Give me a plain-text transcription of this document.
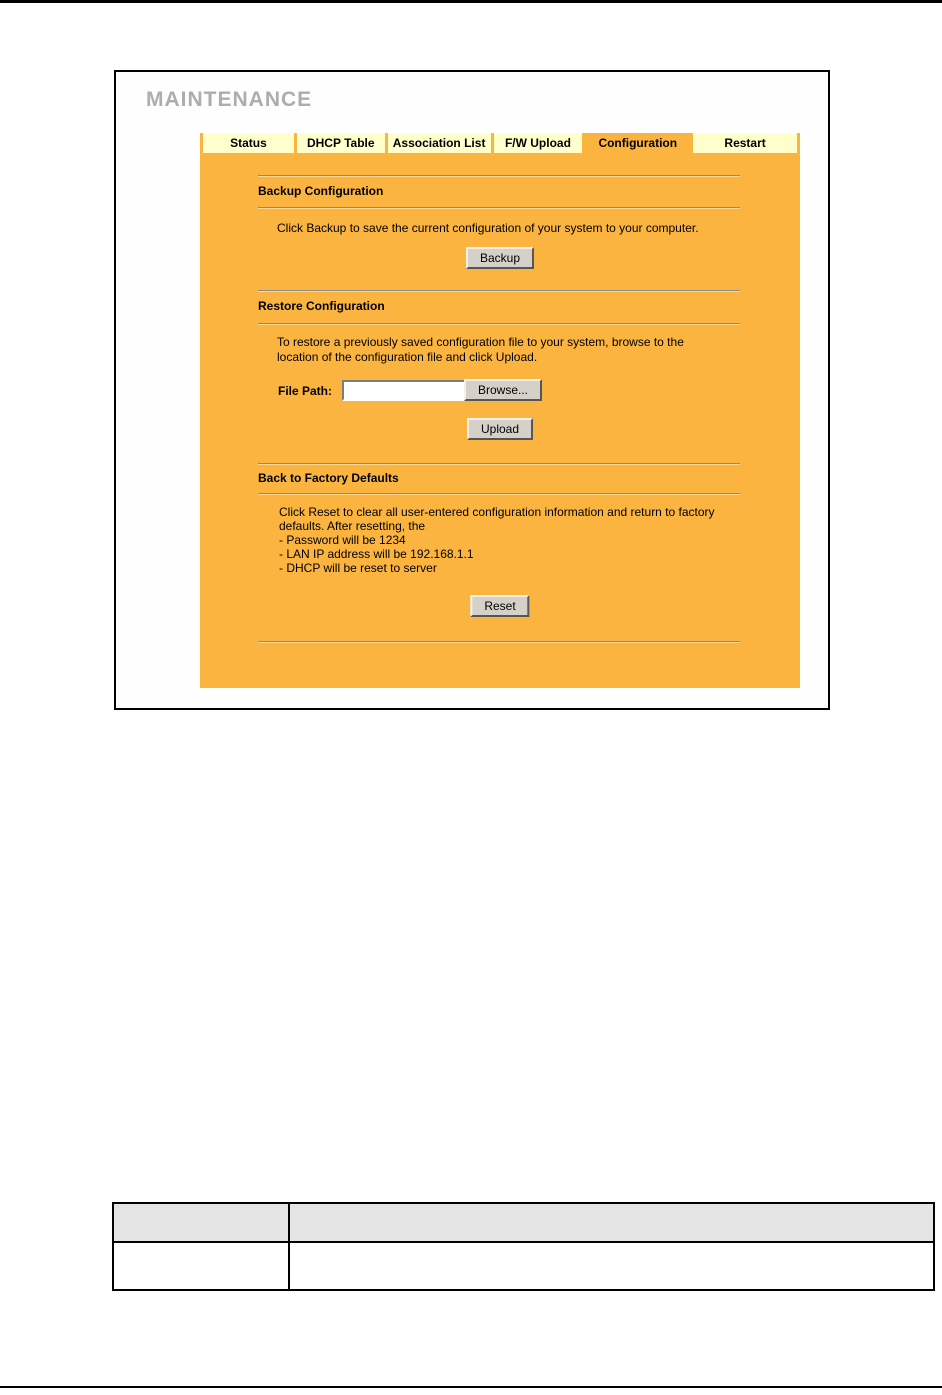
MAINTENANCE
Status	DHCP Table	Association List	F/W Upload	Configuration	Restart
Backup Configuration
Click Backup to save the current configuration of your system to your computer.
Backup
Restore Configuration
To restore a previously saved configuration file to your system, browse to the
location of the configuration file and click Upload.
File Path:	Browse...
Upload
Back to Factory Defaults
Click Reset to clear all user-entered configuration information and return to factory
defaults. After resetting, the
- Password will be 1234
- LAN IP address will be 192.168.1.1
- DHCP will be reset to server
Reset
